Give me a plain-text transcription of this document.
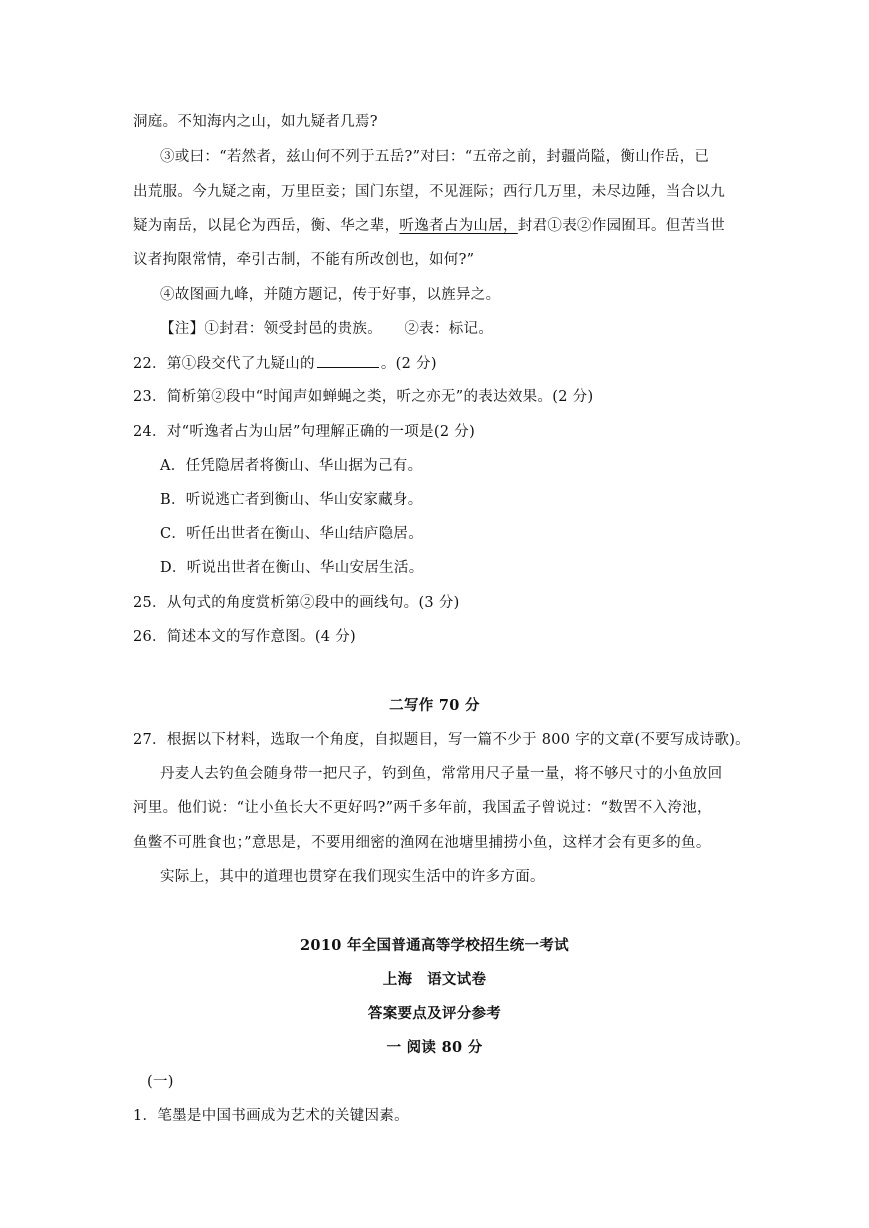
洞庭。不知海内之山，如九疑者几焉?
③或曰：“若然者，兹山何不列于五岳?”对曰：“五帝之前，封疆尚隘，衡山作岳，已
出荒服。今九疑之南，万里臣妾；国门东望，不见涯际；西行几万里，未尽边陲，当合以九
疑为南岳，以昆仑为西岳，衡、华之辈，听逸者占为山居，封君①表②作园囿耳。但苦当世
议者拘限常情，牵引古制，不能有所改创也，如何?”
④故图画九峰，并随方题记，传于好事，以旌异之。
【注】①封君：领受封邑的贵族。　　②表：标记。
22．第①段交代了九疑山的	。(2 分)
23．简析第②段中“时闻声如蝉蝇之类，听之亦无”的表达效果。(2 分)
24．对“听逸者占为山居”句理解正确的一项是(2 分)
A．任凭隐居者将衡山、华山据为己有。
B．听说逃亡者到衡山、华山安家藏身。
C．听任出世者在衡山、华山结庐隐居。
D．听说出世者在衡山、华山安居生活。
25．从句式的角度赏析第②段中的画线句。(3 分)
26．简述本文的写作意图。(4 分)
二写作 70 分
27．根据以下材料，选取一个角度，自拟题目，写一篇不少于 800 字的文章(不要写成诗歌)。
丹麦人去钓鱼会随身带一把尺子，钓到鱼，常常用尺子量一量，将不够尺寸的小鱼放回
河里。他们说：“让小鱼长大不更好吗?”两千多年前，我国孟子曾说过：“数罟不入洿池，
鱼鳖不可胜食也；”意思是，不要用细密的渔网在池塘里捕捞小鱼，这样才会有更多的鱼。
实际上，其中的道理也贯穿在我们现实生活中的许多方面。
2010 年全国普通高等学校招生统一考试
上海　语文试卷
答案要点及评分参考
一 阅读 80 分
(一)
1．笔墨是中国书画成为艺术的关键因素。
